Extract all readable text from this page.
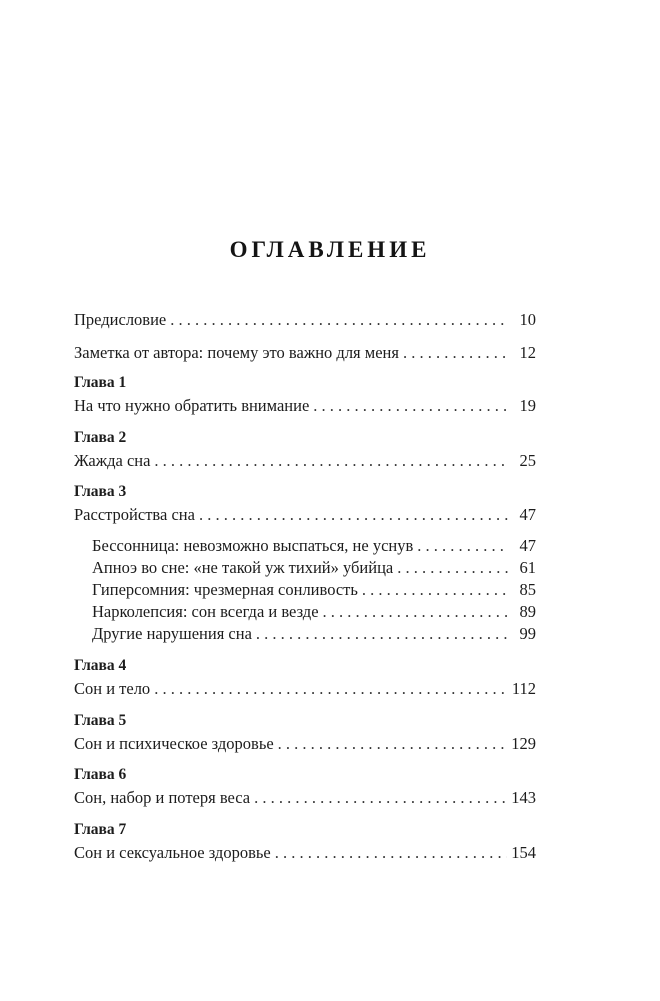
ОГЛАВЛЕНИЕ
Предисловие . . .	10
Заметка от автора: почему это важно для меня . . .	12
Глава 1
На что нужно обратить внимание . . .	19
Глава 2
Жажда сна . . .	25
Глава 3
Расстройства сна . . .	47
Бессонница: невозможно выспаться, не уснув . . .	47
Апноэ во сне: «не такой уж тихий» убийца . . .	61
Гиперсомния: чрезмерная сонливость . . .	85
Нарколепсия: сон всегда и везде . . .	89
Другие нарушения сна . . .	99
Глава 4
Сон и тело . . .	112
Глава 5
Сон и психическое здоровье . . .	129
Глава 6
Сон, набор и потеря веса . . .	143
Глава 7
Сон и сексуальное здоровье . . .	154
